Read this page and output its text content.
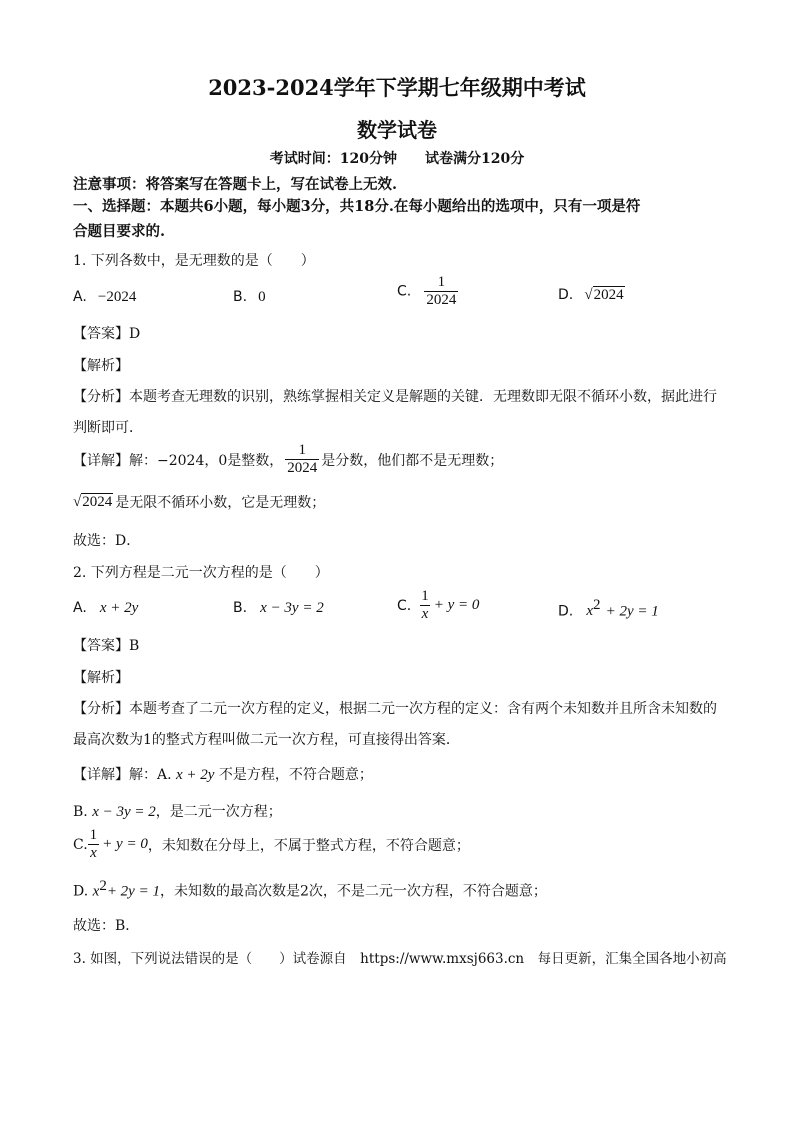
2023-2024学年下学期七年级期中考试
数学试卷
考试时间：120分钟　　试卷满分120分
注意事项：将答案写在答题卡上，写在试卷上无效.
一、选择题：本题共6小题，每小题3分，共18分.在每小题给出的选项中，只有一项是符
合题目要求的.
1. 下列各数中，是无理数的是（　　）
A. −2024	B. 0	C. $\frac{1}{2024}$	D. √ 2024
【答案】D
【解析】
【分析】本题考查无理数的识别，熟练掌握相关定义是解题的关键．无理数即无限不循环小数，据此进行
判断即可．
【详解】解：−2024，0是整数， $\frac{1}{2024}$ 是分数，他们都不是无理数；
√ 2024 是无限不循环小数，它是无理数；
故选：D．
2. 下列方程是二元一次方程的是（　　）
A. x + 2y	B. x − 3y = 2	C. $\frac{1}{x} + y = 0$	D. $x^2 + 2y = 1$
【答案】B
【解析】
【分析】本题考查了二元一次方程的定义，根据二元一次方程的定义：含有两个未知数并且所含未知数的
最高次数为1的整式方程叫做二元一次方程，可直接得出答案．
【详解】解：A. x + 2y 不是方程，不符合题意；
B. x − 3y = 2，是二元一次方程；
C. $\frac{1}{x} + y = 0$ ，未知数在分母上，不属于整式方程，不符合题意；
D. $x^2+ 2y = 1$，未知数的最高次数是2次，不是二元一次方程，不符合题意；
故选：B．
3. 如图，下列说法错误的是（　　）试卷源自　https://www.mxsj663.cn　每日更新，汇集全国各地小初高
